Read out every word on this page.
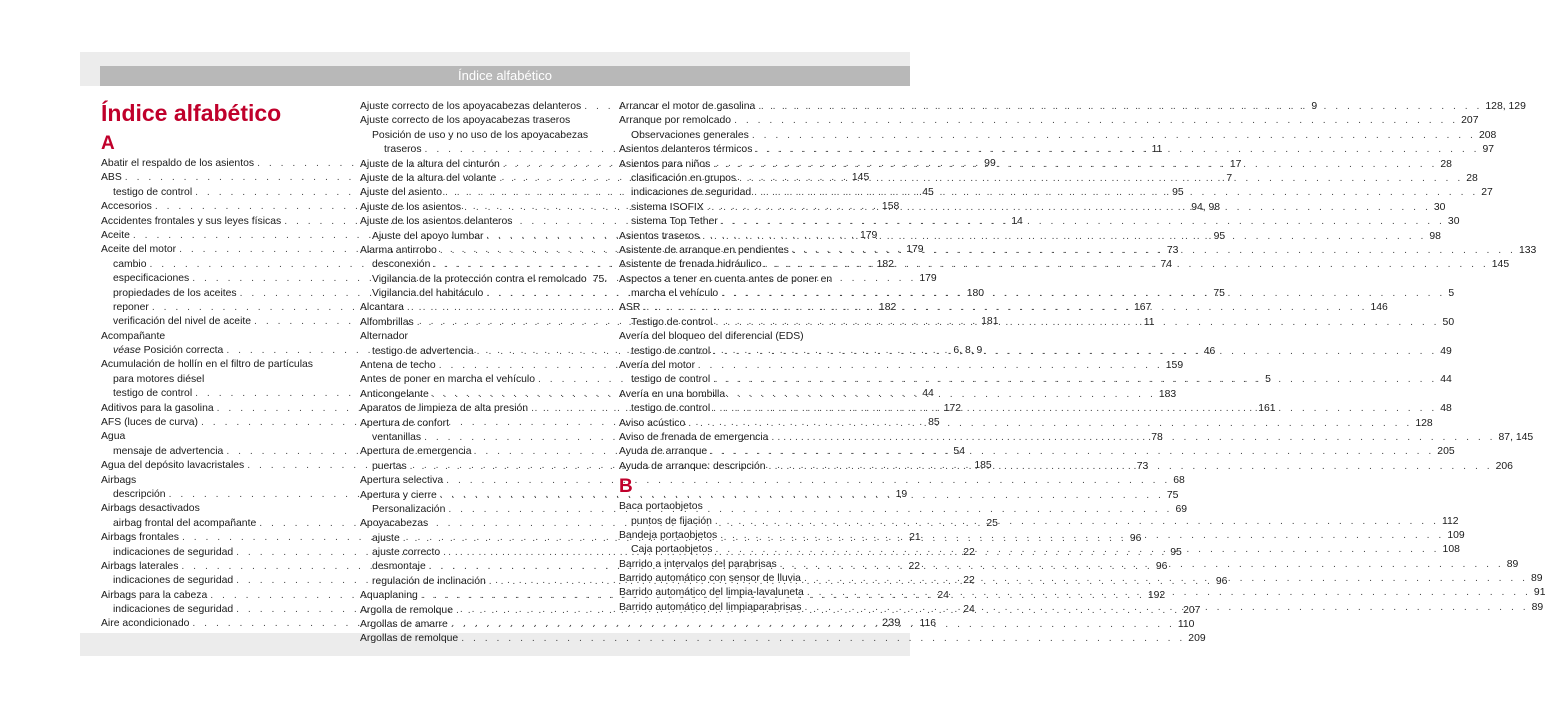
Índice alfabético
Índice alfabético
A
Abatir el respaldo de los asientos . . .	99
ABS . . .	145
testigo de control . . .	45
Accesorios . . .	158
Accidentes frontales y sus leyes físicas . . .	14
Aceite . . .	179
Aceite del motor . . .	179
cambio . . .	182
especificaciones . . .	179
propiedades de los aceites . . .	180
reponer . . .	182
verificación del nivel de aceite . . .	181
Acompañante
véase Posición correcta . . .	6, 8, 9
Acumulación de hollín en el filtro de partículas
para motores diésel
testigo de control . . .	44
Aditivos para la gasolina . . .	172
AFS (luces de curva) . . .	85
Agua
mensaje de advertencia . . .	54
Agua del depósito lavacristales . . .	185
Airbags
descripción . . .	19
Airbags desactivados
airbag frontal del acompañante . . .	25
Airbags frontales . . .	21
indicaciones de seguridad . . .	22
Airbags laterales . . .	22
indicaciones de seguridad . . .	22
Airbags para la cabeza . . .	24
indicaciones de seguridad . . .	24
Aire acondicionado . . .	116
Ajuste correcto de los apoyacabezas delanteros . . .	9
Ajuste correcto de los apoyacabezas traseros
Posición de uso y no uso de los apoyacabezas
traseros . . .	11
Ajuste de la altura del cinturón . . .	17
Ajuste de la altura del volante . . .	7
Ajuste del asiento . . .	95
Ajuste de los asientos . . .	94, 98
Ajuste de los asientos delanteros
Ajuste del apoyo lumbar . . .	95
Alarma antirrobo . . .	73
desconexión . . .	74
Vigilancia de la protección contra el remolcado 75.
Vigilancia del habitáculo . . .	75
Alcantara . . .	167
Alfombrillas . . .	11
Alternador
testigo de advertencia . . .	46
Antena de techo . . .	159
Antes de poner en marcha el vehículo . . .	5
Anticongelante . . .	183
Aparatos de limpieza de alta presión . . .	161
Apertura de confort
ventanillas . . .	78
Apertura de emergencia
puertas . . .	73
Apertura selectiva . . .	68
Apertura y cierre . . .	75
Personalización . . .	69
Apoyacabezas
ajuste . . .	96
ajuste correcto . . .	95
desmontaje . . .	96
regulación de inclinación . . .	96
Aquaplaning . . .	192
Argolla de remolque . . .	207
Argollas de amarre . . .	110
Argollas de remolque . . .	209
Arrancar el motor de gasolina . . .	128, 129
Arranque por remolcado . . .	207
Observaciones generales . . .	208
Asientos delanteros térmicos . . .	97
Asientos para niños . . .	28
clasificación en grupos . . .	28
indicaciones de seguridad . . .	27
sistema ISOFIX . . .	30
sistema Top Tether . . .	30
Asientos traseros . . .	98
Asistente de arranque en pendientes . . .	133
Asistente de frenada hidráulico . . .	145
Aspectos a tener en cuenta antes de poner en
marcha el vehículo . . .	5
ASR . . .	146
Testigo de control . . .	50
Avería del bloqueo del diferencial (EDS)
testigo de control . . .	49
Avería del motor
testigo de control . . .	44
Avería en una bombilla
testigo de control . . .	48
Aviso acústico . . .	128
Aviso de frenada de emergencia . . .	87, 145
Ayuda de arranque . . .	205
Ayuda de arranque: descripción . . .	206
B
Baca portaobjetos
puntos de fijación . . .	112
Bandeja portaobjetos . . .	109
Caja portaobjetos . . .	108
Barrido a intervalos del parabrisas . . .	89
Barrido automático con sensor de lluvia . . .	89
Barrido automático del limpia-lavaluneta . . .	91
Barrido automático del limpiaparabrisas . . .	89
239
